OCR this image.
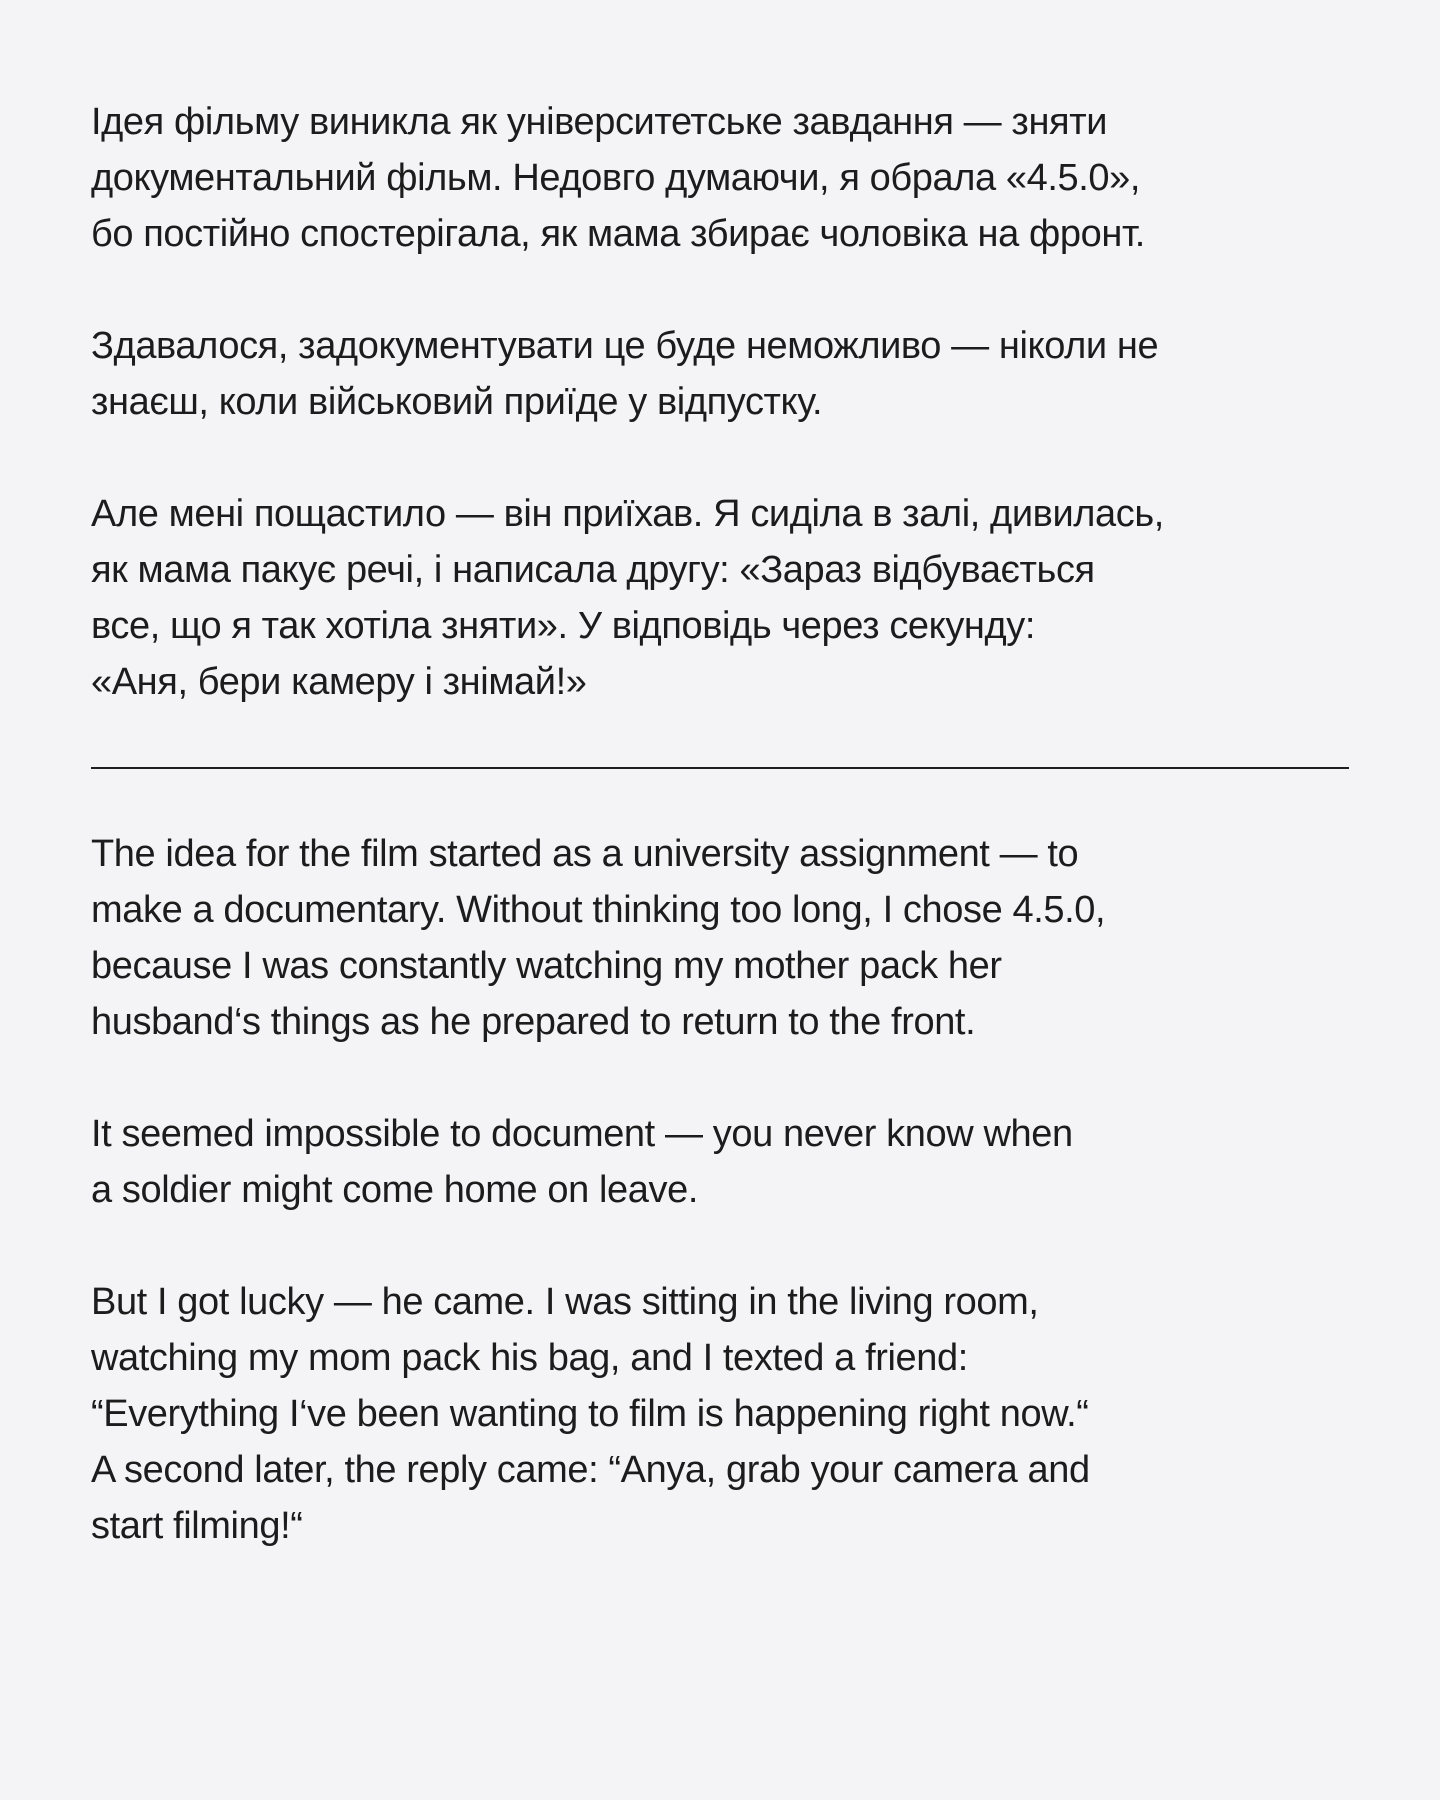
Ідея фільму виникла як університетське завдання — зняти
документальний фільм. Недовго думаючи, я обрала «4.5.0»,
бо постійно спостерігала, як мама збирає чоловіка на фронт.

Здавалося, задокументувати це буде неможливо — ніколи не
знаєш, коли військовий приїде у відпустку.

Але мені пощастило — він приїхав. Я сиділа в залі, дивилась,
як мама пакує речі, і написала другу: «Зараз відбувається
все, що я так хотіла зняти». У відповідь через секунду:
«Аня, бери камеру і знімай!»

The idea for the film started as a university assignment — to
make a documentary. Without thinking too long, I chose 4.5.0,
because I was constantly watching my mother pack her
husband‘s things as he prepared to return to the front.

It seemed impossible to document — you never know when
a soldier might come home on leave.

But I got lucky — he came. I was sitting in the living room,
watching my mom pack his bag, and I texted a friend:
“Everything I‘ve been wanting to film is happening right now.“
A second later, the reply came: “Anya, grab your camera and
start filming!“
